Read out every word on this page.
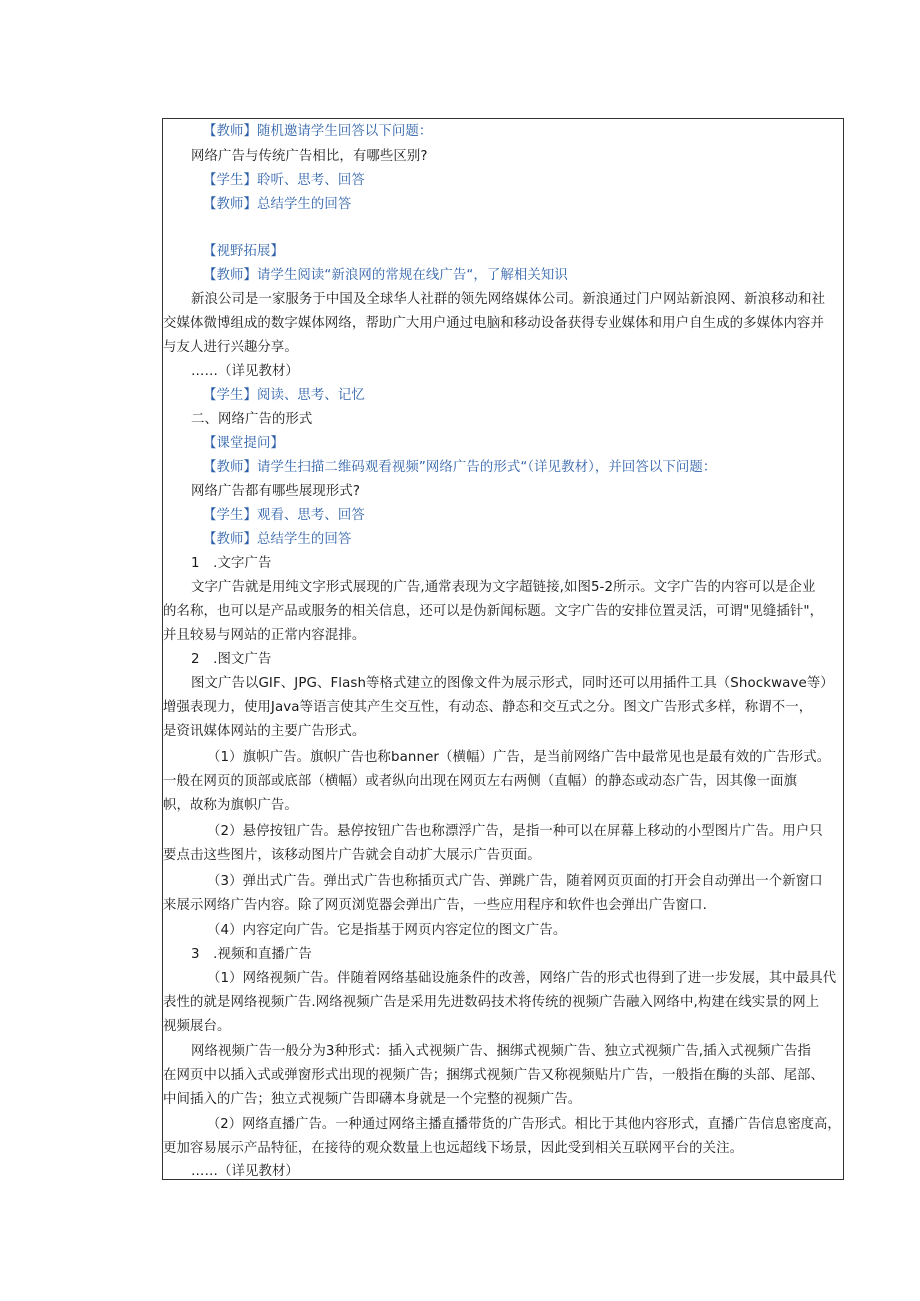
【教师】随机邀请学生回答以下问题：
网络广告与传统广告相比，有哪些区别?
【学生】聆听、思考、回答
【教师】总结学生的回答
【视野拓展】
【教师】请学生阅读“新浪网的常规在线广告“，了解相关知识
新浪公司是一家服务于中国及全球华人社群的领先网络媒体公司。新浪通过门户网站新浪网、新浪移动和社
交媒体微博组成的数字媒体网络，帮助广大用户通过电脑和移动设备获得专业媒体和用户自生成的多媒体内容并
与友人进行兴趣分享。
……（详见教材）
【学生】阅读、思考、记忆
二、网络广告的形式
【课堂提问】
【教师】请学生扫描二维码观看视频”网络广告的形式“（详见教材），并回答以下问题：
网络广告都有哪些展现形式?
【学生】观看、思考、回答
【教师】总结学生的回答
1　.文字广告
文字广告就是用纯文字形式展现的广告,通常表现为文字超链接,如图5-2所示。文字广告的内容可以是企业
的名称，也可以是产品或服务的相关信息，还可以是伪新闻标题。文字广告的安排位置灵活，可谓"见缝插针"，
并且较易与网站的正常内容混排。
2　.图文广告
图文广告以GIF、JPG、Flash等格式建立的图像文件为展示形式，同时还可以用插件工具（Shockwave等）
增强表现力，使用Java等语言使其产生交互性，有动态、静态和交互式之分。图文广告形式多样，称谓不一，
是资讯媒体网站的主要广告形式。
（1）旗帜广告。旗帜广告也称banner（横幅）广告，是当前网络广告中最常见也是最有效的广告形式。
一般在网页的顶部或底部（横幅）或者纵向出现在网页左右两侧（直幅）的静态或动态广告，因其像一面旗
帜，故称为旗帜广告。
（2）悬停按钮广告。悬停按钮广告也称漂浮广告，是指一种可以在屏幕上移动的小型图片广告。用户只
要点击这些图片，该移动图片广告就会自动扩大展示广告页面。
（3）弹出式广告。弹出式广告也称插页式广告、弹跳广告，随着网页页面的打开会自动弹出一个新窗口
来展示网络广告内容。除了网页浏览器会弹出广告，一些应用程序和软件也会弹出广告窗口.
（4）内容定向广告。它是指基于网页内容定位的图文广告。
3　.视频和直播广告
（1）网络视频广告。伴随着网络基础设施条件的改善，网络广告的形式也得到了进一步发展，其中最具代
表性的就是网络视频广告.网络视频广告是采用先进数码技术将传统的视频广告融入网络中,构建在线实景的网上
视频展台。
网络视频广告一般分为3种形式：插入式视频广告、捆绑式视频广告、独立式视频广告,插入式视频广告指
在网页中以插入式或弹窗形式出现的视频广告；捆绑式视频广告又称视频贴片广告，一般指在酶的头部、尾部、
中间插入的广告；独立式视频广告即礴本身就是一个完整的视频广告。
（2）网络直播广告。一种通过网络主播直播带货的广告形式。相比于其他内容形式，直播广告信息密度高，
更加容易展示产品特征，在接待的观众数量上也远超线下场景，因此受到相关互联网平台的关注。
……（详见教材）
